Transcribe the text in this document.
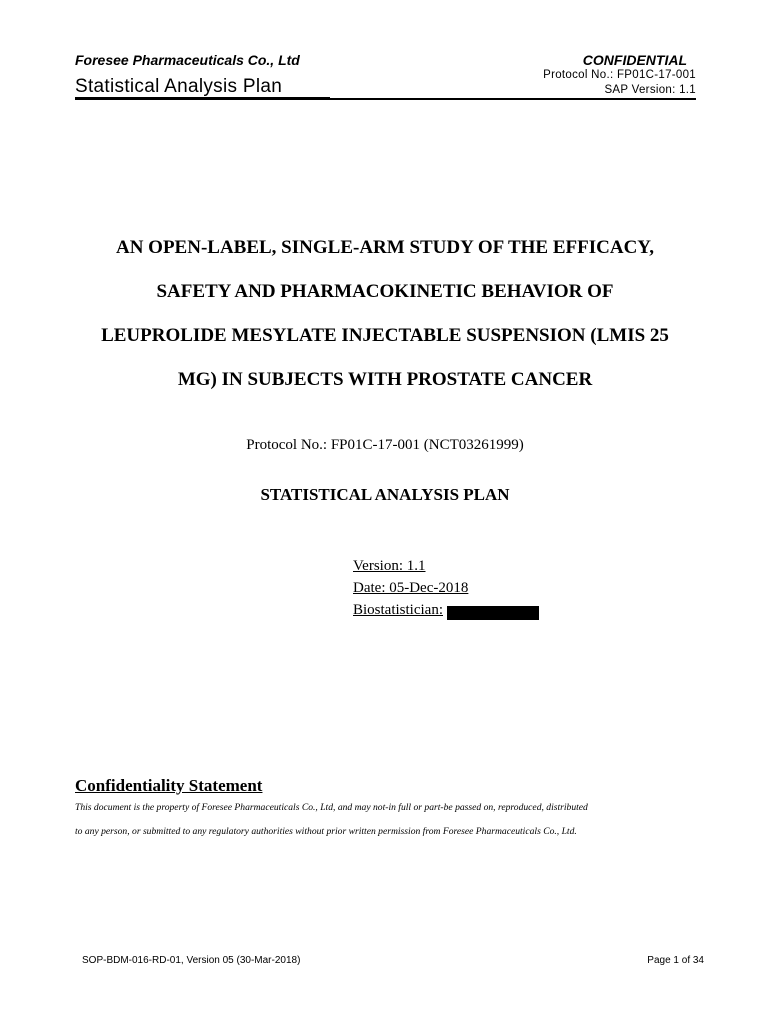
Foresee Pharmaceuticals Co., Ltd
Statistical Analysis Plan
CONFIDENTIAL
Protocol No.: FP01C-17-001
SAP Version: 1.1
AN OPEN-LABEL, SINGLE-ARM STUDY OF THE EFFICACY,
SAFETY AND PHARMACOKINETIC BEHAVIOR OF
LEUPROLIDE MESYLATE INJECTABLE SUSPENSION (LMIS 25
MG) IN SUBJECTS WITH PROSTATE CANCER
Protocol No.: FP01C-17-001 (NCT03261999)
STATISTICAL ANALYSIS PLAN
Version: 1.1
Date: 05-Dec-2018
Biostatistician:
Confidentiality Statement
This document is the property of Foresee Pharmaceuticals Co., Ltd, and may not-in full or part-be passed on, reproduced, distributed
to any person, or submitted to any regulatory authorities without prior written permission from Foresee Pharmaceuticals Co., Ltd.
SOP-BDM-016-RD-01, Version 05 (30-Mar-2018)	Page 1 of 34
